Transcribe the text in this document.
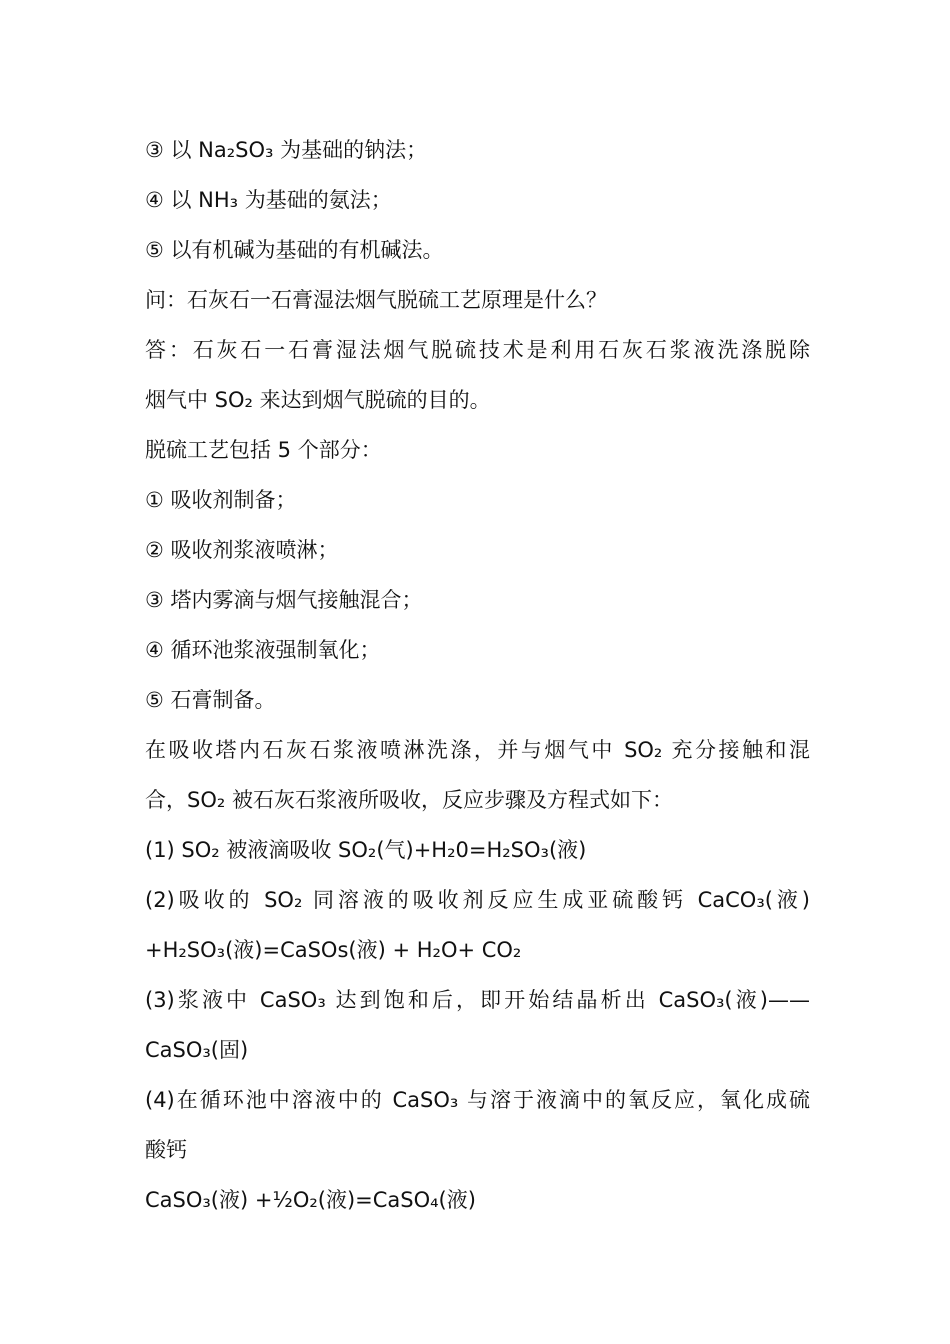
③ 以 Na₂SO₃ 为基础的钠法；
④ 以 NH₃ 为基础的氨法；
⑤ 以有机碱为基础的有机碱法。
问：石灰石一石膏湿法烟气脱硫工艺原理是什么？
答：石灰石一石膏湿法烟气脱硫技术是利用石灰石浆液洗涤脱除
烟气中 SO₂ 来达到烟气脱硫的目的。
脱硫工艺包括 5 个部分：
① 吸收剂制备；
② 吸收剂浆液喷淋；
③ 塔内雾滴与烟气接触混合；
④ 循环池浆液强制氧化；
⑤ 石膏制备。
在吸收塔内石灰石浆液喷淋洗涤，并与烟气中 SO₂ 充分接触和混
合，SO₂ 被石灰石浆液所吸收，反应步骤及方程式如下：
(1) SO₂ 被液滴吸收 SO₂(气)+H₂0=H₂SO₃(液)
(2)吸收的 SO₂ 同溶液的吸收剂反应生成亚硫酸钙 CaCO₃(液)
+H₂SO₃(液)=CaSOs(液) + H₂O+ CO₂
(3)浆液中 CaSO₃ 达到饱和后，即开始结晶析出 CaSO₃(液)——
CaSO₃(固)
(4)在循环池中溶液中的 CaSO₃ 与溶于液滴中的氧反应，氧化成硫
酸钙
CaSO₃(液) +½O₂(液)=CaSO₄(液)
